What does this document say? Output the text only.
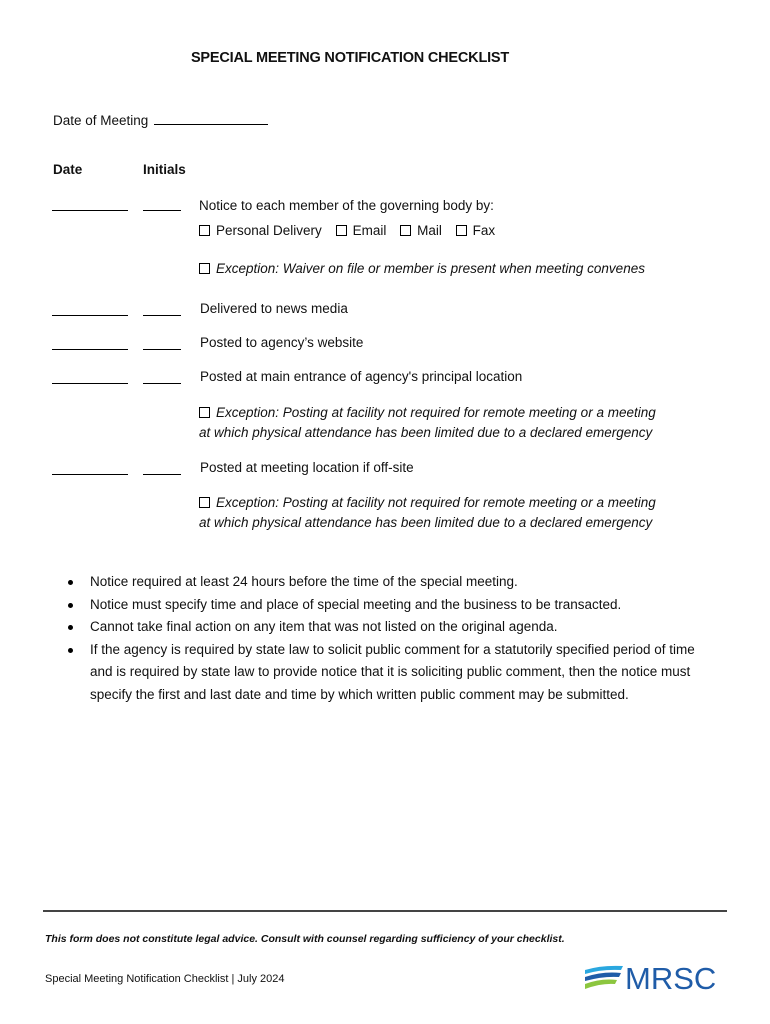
SPECIAL MEETING NOTIFICATION CHECKLIST
Date of Meeting
Date	Initials
Notice to each member of the governing body by:
Personal Delivery Email Mail Fax
Exception: Waiver on file or member is present when meeting convenes
Delivered to news media
Posted to agency’s website
Posted at main entrance of agency's principal location
Exception: Posting at facility not required for remote meeting or a meeting
at which physical attendance has been limited due to a declared emergency
Posted at meeting location if off-site
Exception: Posting at facility not required for remote meeting or a meeting
at which physical attendance has been limited due to a declared emergency
Notice required at least 24 hours before the time of the special meeting.
Notice must specify time and place of special meeting and the business to be transacted.
Cannot take final action on any item that was not listed on the original agenda.
If the agency is required by state law to solicit public comment for a statutorily specified period of time and is required by state law to provide notice that it is soliciting public comment, then the notice must specify the first and last date and time by which written public comment may be submitted.
This form does not constitute legal advice. Consult with counsel regarding sufficiency of your checklist.
Special Meeting Notification Checklist | July 2024	MRSC
